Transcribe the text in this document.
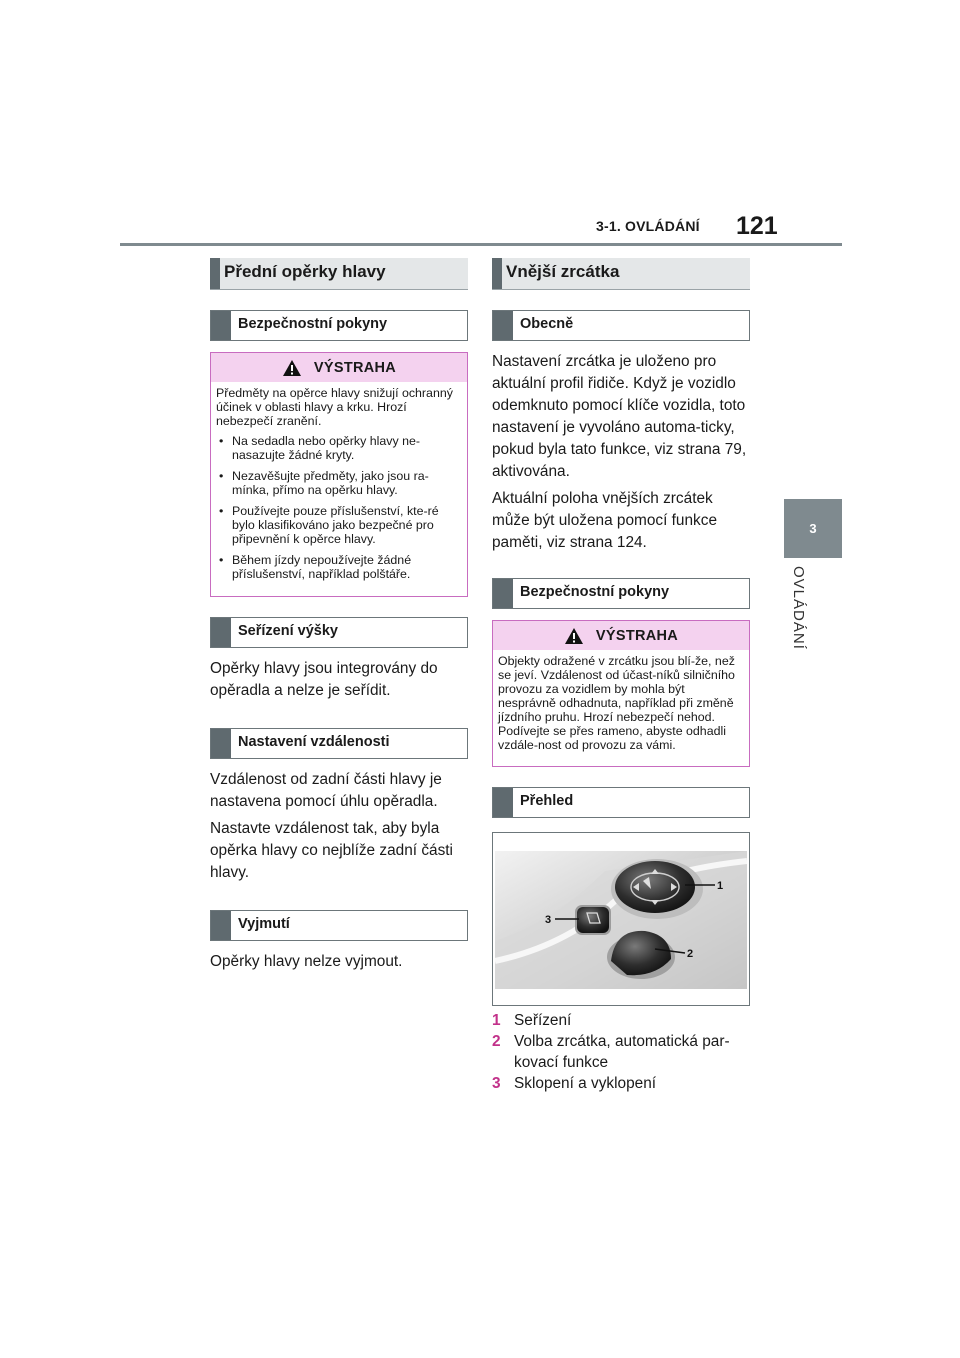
3-1. OVLÁDÁNÍ 121
3
OVLÁDÁNÍ
Přední opěrky hlavy
Bezpečnostní pokyny
VÝSTRAHA

Předměty na opěrce hlavy snižují ochranný účinek v oblasti hlavy a krku. Hrozí nebezpečí zranění.

• Na sedadla nebo opěrky hlavy ne-nasazujte žádné kryty.
• Nezavěšujte předměty, jako jsou ra-mínka, přímo na opěrku hlavy.
• Používejte pouze příslušenství, kte-ré bylo klasifikováno jako bezpečné pro připevnění k opěrce hlavy.
• Během jízdy nepoužívejte žádné příslušenství, například polštáře.
Seřízení výšky

Opěrky hlavy jsou integrovány do opěradla a nelze je seřídit.

Nastavení vzdálenosti

Vzdálenost od zadní části hlavy je nastavena pomocí úhlu opěradla.

Nastavte vzdálenost tak, aby byla opěrka hlavy co nejblíže zadní části hlavy.

Vyjmutí

Opěrky hlavy nelze vyjmout.

Vnější zrcátka
Obecně

Nastavení zrcátka je uloženo pro aktuální profil řidiče. Když je vozidlo odemknuto pomocí klíče vozidla, toto nastavení je vyvoláno automa-ticky, pokud byla tato funkce, viz strana 79, aktivována.

Aktuální poloha vnějších zrcátek může být uložena pomocí funkce paměti, viz strana 124.

Bezpečnostní pokyny
VÝSTRAHA

Objekty odražené v zrcátku jsou blí-že, než se jeví. Vzdálenost od účast-níků silničního provozu za vozidlem by mohla být nesprávně odhadnuta, například při změně jízdního pruhu. Hrozí nebezpečí nehod. Podívejte se přes rameno, abyste odhadli vzdále-nost od provozu za vámi.

Přehled
1
2
3
1 Seřízení
2 Volba zrcátka, automatická par-kovací funkce
3 Sklopení a vyklopení
